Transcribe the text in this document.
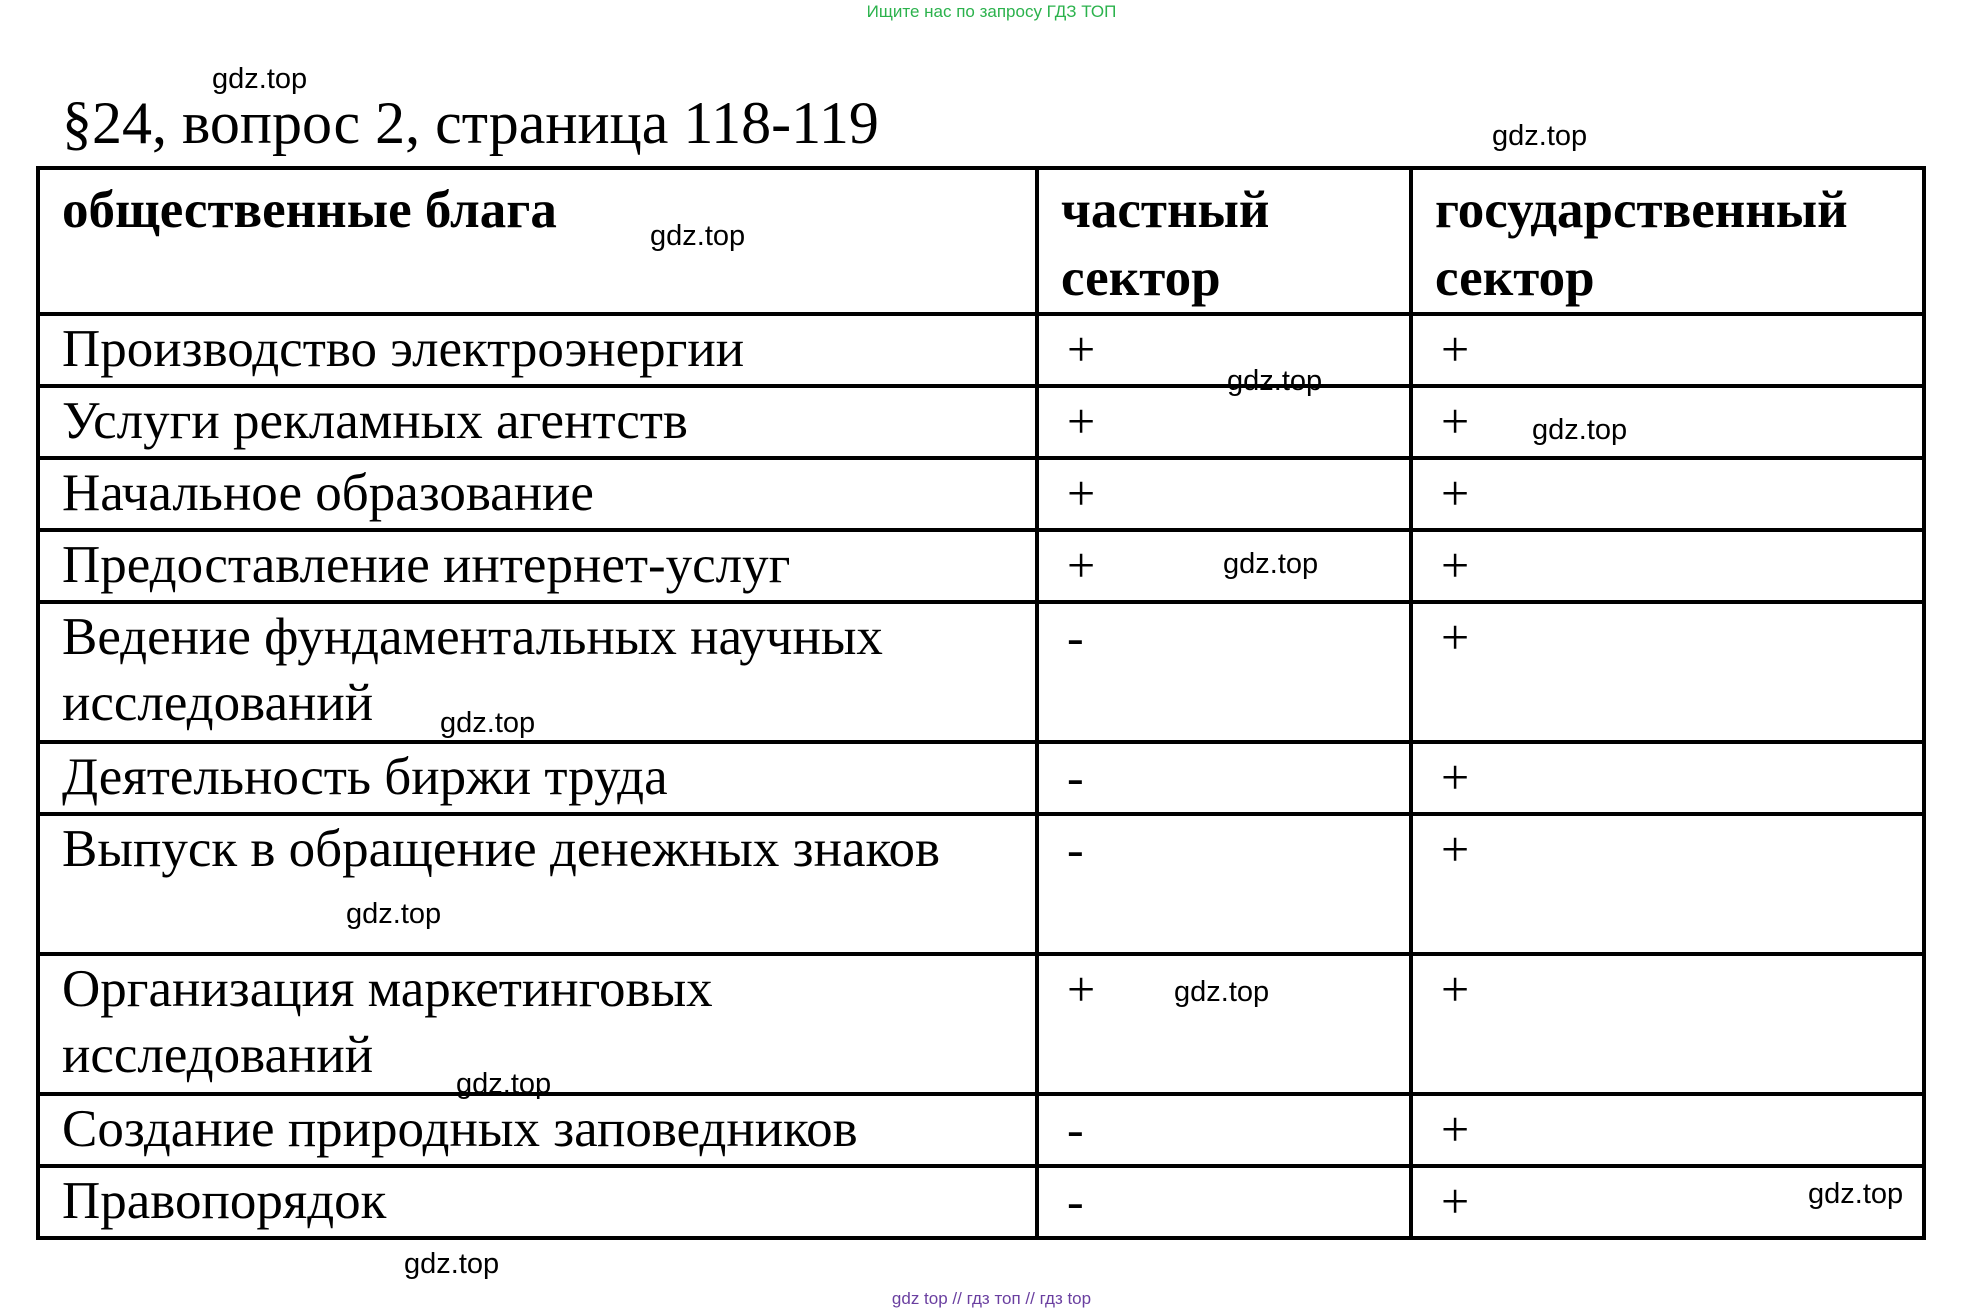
Ищите нас по запросу ГДЗ ТОП
gdz.top
§24, вопрос 2, страница 118-119	gdz.top
общественные блага	частный сектор	государственный сектор
Производство электроэнергии	+	+
Услуги рекламных агентств	+	+
Начальное образование	+	+
Предоставление интернет-услуг	+	+
Ведение фундаментальных научных исследований	-	+
Деятельность биржи труда	-	+
Выпуск в обращение денежных знаков	-	+
Организация маркетинговых исследований	+	+
Создание природных заповедников	-	+
Правопорядок	-	+
gdz.top
gdz.top
gdz.top
gdz.top
gdz.top
gdz.top
gdz.top
gdz.top
gdz.top
gdz.top
gdz top // гдз топ // гдз top
